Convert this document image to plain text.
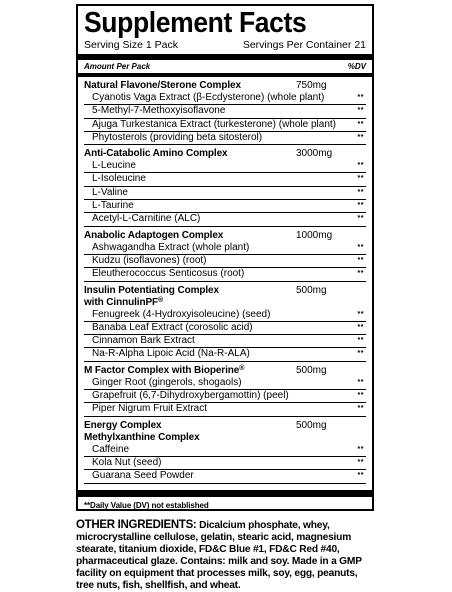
Supplement Facts
Serving Size 1 Pack	Servings Per Container 21
Amount Per Pack	%DV
Natural Flavone/Sterone Complex	750mg
Cyanotis Vaga Extract (β-Ecdysterone) (whole plant)	**
5-Methyl-7-Methoxyisoflavone	**
Ajuga Turkestanica Extract (turkesterone) (whole plant)	**
Phytosterols (providing beta sitosterol)	**
Anti-Catabolic Amino Complex	3000mg
L-Leucine	**
L-Isoleucine	**
L-Valine	**
L-Taurine	**
Acetyl-L-Carnitine (ALC)	**
Anabolic Adaptogen Complex	1000mg
Ashwagandha Extract (whole plant)	**
Kudzu (isoflavones) (root)	**
Eleutherococcus Senticosus (root)	**
Insulin Potentiating Complex	500mg
with CinnulinPF ®
Fenugreek (4-Hydroxyisoleucine) (seed)	**
Banaba Leaf Extract (corosolic acid)	**
Cinnamon Bark Extract	**
Na-R-Alpha Lipoic Acid (Na-R-ALA)	**
M Factor Complex with Bioperine®	500mg
Ginger Root (gingerols, shogaols)	**
Grapefruit (6,7-Dihydroxybergamottin) (peel)	**
Piper Nigrum Fruit Extract	**
Energy Complex	500mg
Methylxanthine Complex
Caffeine	**
Kola Nut (seed)	**
Guarana Seed Powder	**
**Daily Value (DV) not established
OTHER INGREDIENTS: Dicalcium phosphate, whey, microcrystalline cellulose, gelatin, stearic acid, magnesium stearate, titanium dioxide, FD&C Blue #1, FD&C Red #40, pharmaceutical glaze. Contains: milk and soy. Made in a GMP facility on equipment that processes milk, soy, egg, peanuts, tree nuts, fish, shellfish, and wheat.
